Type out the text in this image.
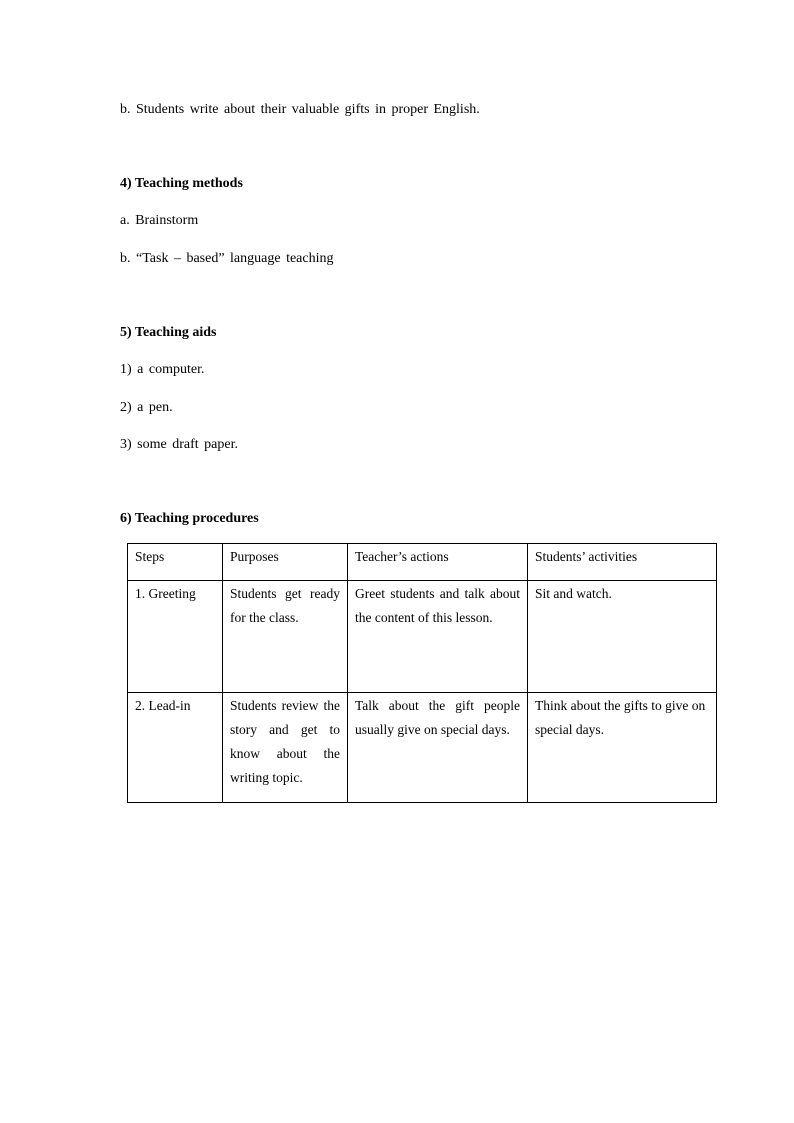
b. Students write about their valuable gifts in proper English.
4) Teaching methods
a. Brainstorm
b. “Task – based” language teaching
5) Teaching aids
1) a computer.
2) a pen.
3) some draft paper.
6) Teaching procedures
Steps	Purposes	Teacher’s actions	Students’ activities
1. Greeting	Students get ready for the class.	Greet students and talk about the content of this lesson.	Sit and watch.
2. Lead-in	Students review the story and get to know about the writing topic.	Talk about the gift people usually give on special days.	Think about the gifts to give on special days.
